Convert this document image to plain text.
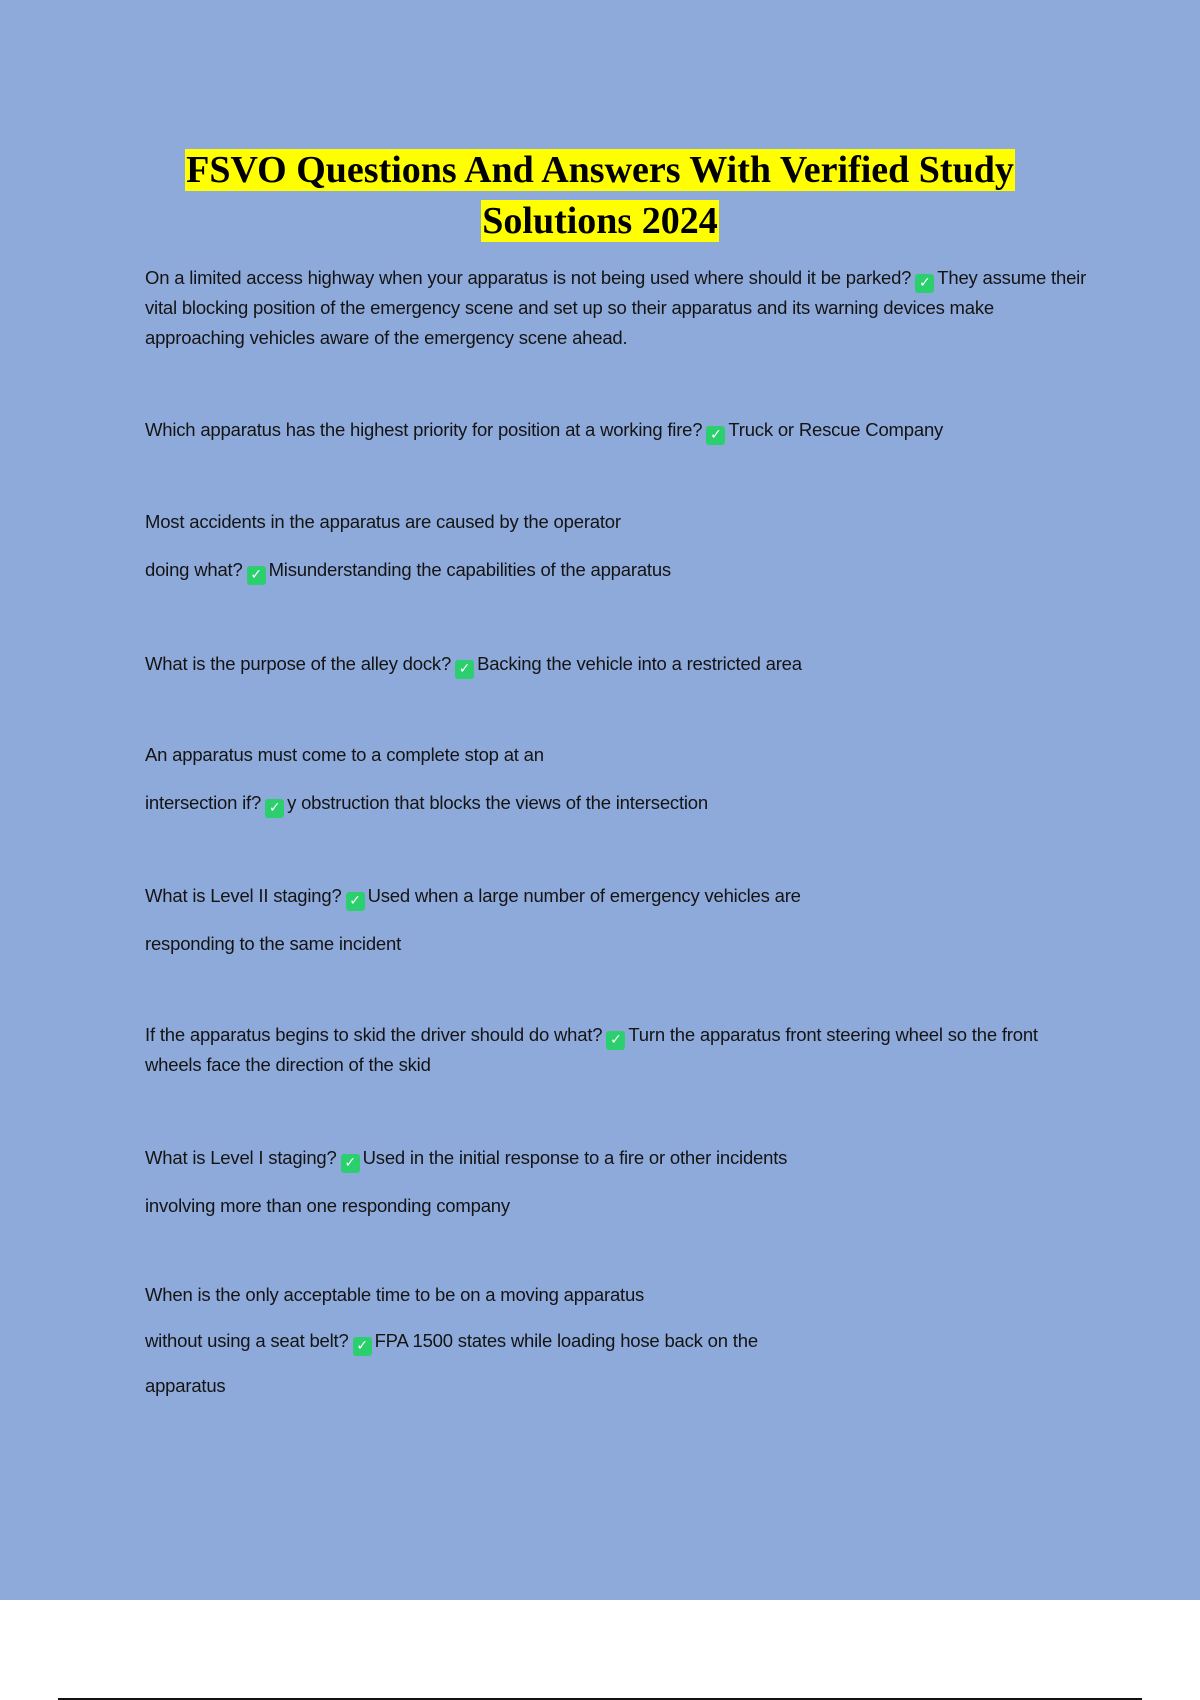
FSVO Questions And Answers With Verified Study
Solutions 2024

On a limited access highway when your apparatus is not being used where should it be parked? ✓ They assume their vital blocking position of the emergency scene and set up so their apparatus and its warning devices make approaching vehicles aware of the emergency scene ahead.

Which apparatus has the highest priority for position at a working fire? ✓ Truck or Rescue Company

Most accidents in the apparatus are caused by the operator

doing what? ✓ Misunderstanding the capabilities of the apparatus

What is the purpose of the alley dock? ✓ Backing the vehicle into a restricted area

An apparatus must come to a complete stop at an

intersection if? ✓ y obstruction that blocks the views of the intersection

What is Level II staging? ✓ Used when a large number of emergency vehicles are

responding to the same incident

If the apparatus begins to skid the driver should do what? ✓ Turn the apparatus front steering wheel so the front wheels face the direction of the skid

What is Level I staging? ✓ Used in the initial response to a fire or other incidents

involving more than one responding company

When is the only acceptable time to be on a moving apparatus

without using a seat belt? ✓ FPA 1500 states while loading hose back on the

apparatus
